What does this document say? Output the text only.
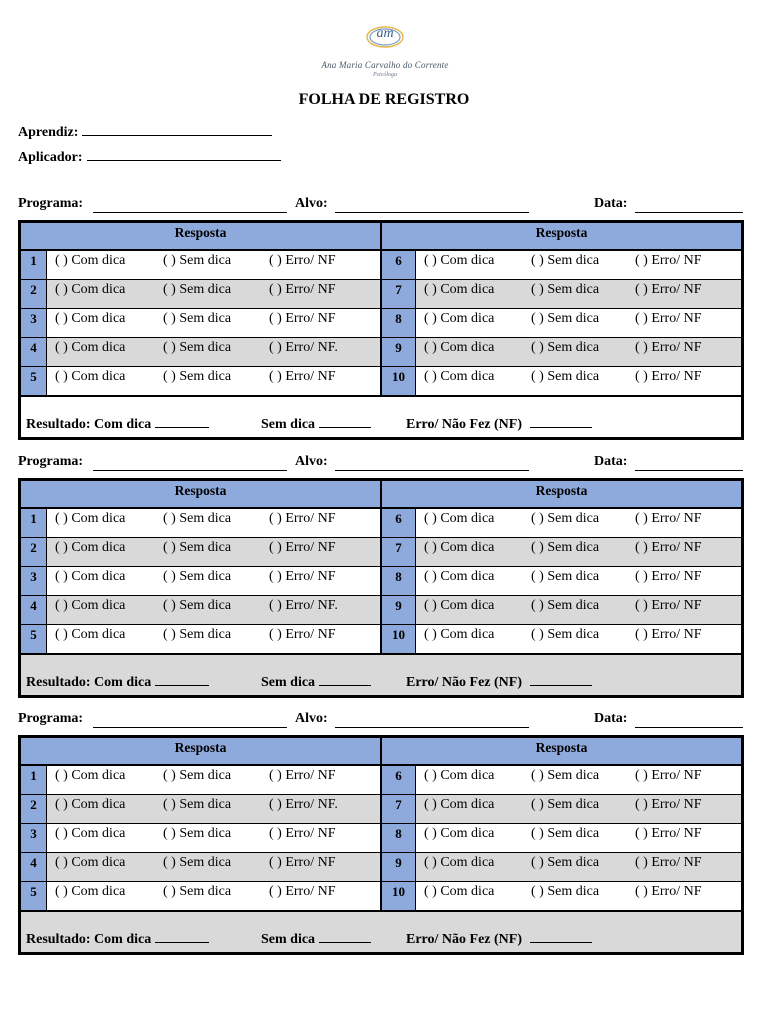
am
Ana Maria Carvalho do Corrente
Psicóloga
FOLHA DE REGISTRO
Aprendiz:
Aplicador:
Programa:	Alvo:	Data:
Resposta	Resposta
1	( ) Com dica	( ) Sem dica	( ) Erro/ NF
2	( ) Com dica	( ) Sem dica	( ) Erro/ NF
3	( ) Com dica	( ) Sem dica	( ) Erro/ NF
4	( ) Com dica	( ) Sem dica	( ) Erro/ NF.
5	( ) Com dica	( ) Sem dica	( ) Erro/ NF
6	( ) Com dica	( ) Sem dica	( ) Erro/ NF
7	( ) Com dica	( ) Sem dica	( ) Erro/ NF
8	( ) Com dica	( ) Sem dica	( ) Erro/ NF
9	( ) Com dica	( ) Sem dica	( ) Erro/ NF
10	( ) Com dica	( ) Sem dica	( ) Erro/ NF
Resultado: Com dica	Sem dica	Erro/ Não Fez (NF)
Programa:	Alvo:	Data:
Resposta	Resposta
1	( ) Com dica	( ) Sem dica	( ) Erro/ NF
2	( ) Com dica	( ) Sem dica	( ) Erro/ NF
3	( ) Com dica	( ) Sem dica	( ) Erro/ NF
4	( ) Com dica	( ) Sem dica	( ) Erro/ NF.
5	( ) Com dica	( ) Sem dica	( ) Erro/ NF
6	( ) Com dica	( ) Sem dica	( ) Erro/ NF
7	( ) Com dica	( ) Sem dica	( ) Erro/ NF
8	( ) Com dica	( ) Sem dica	( ) Erro/ NF
9	( ) Com dica	( ) Sem dica	( ) Erro/ NF
10	( ) Com dica	( ) Sem dica	( ) Erro/ NF
Resultado: Com dica	Sem dica	Erro/ Não Fez (NF)
Programa:	Alvo:	Data:
Resposta	Resposta
1	( ) Com dica	( ) Sem dica	( ) Erro/ NF
2	( ) Com dica	( ) Sem dica	( ) Erro/ NF.
3	( ) Com dica	( ) Sem dica	( ) Erro/ NF
4	( ) Com dica	( ) Sem dica	( ) Erro/ NF
5	( ) Com dica	( ) Sem dica	( ) Erro/ NF
6	( ) Com dica	( ) Sem dica	( ) Erro/ NF
7	( ) Com dica	( ) Sem dica	( ) Erro/ NF
8	( ) Com dica	( ) Sem dica	( ) Erro/ NF
9	( ) Com dica	( ) Sem dica	( ) Erro/ NF
10	( ) Com dica	( ) Sem dica	( ) Erro/ NF
Resultado: Com dica	Sem dica	Erro/ Não Fez (NF)
